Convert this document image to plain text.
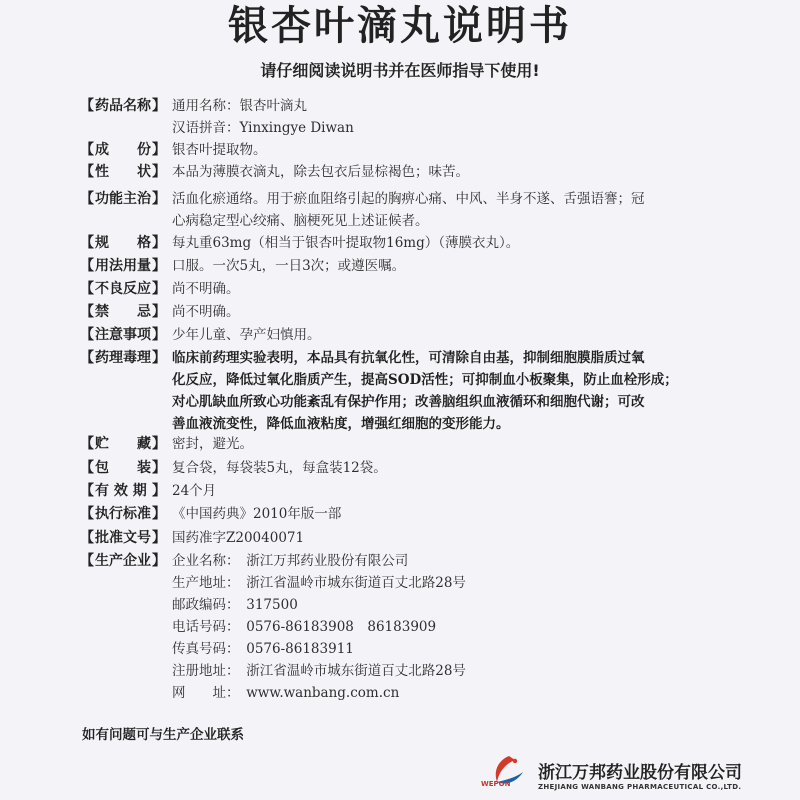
银杏叶滴丸说明书
请仔细阅读说明书并在医师指导下使用!
【 药品名称 】 通用名称：银杏叶滴丸
汉语拼音：Yinxingye Diwan
【 成　　份 】 银杏叶提取物。
【 性　　状 】 本品为薄膜衣滴丸，除去包衣后显棕褐色；味苦。
【 功能主治 】 活血化瘀通络。用于瘀血阻络引起的胸痹心痛、中风、半身不遂、舌强语謇；冠
心病稳定型心绞痛、脑梗死见上述证候者。
【 规　　格 】 每丸重63mg（相当于银杏叶提取物16mg）（薄膜衣丸）。
【 用法用量 】 口服。一次5丸，一日3次；或遵医嘱。
【 不良反应 】 尚不明确。
【 禁　　忌 】 尚不明确。
【 注意事项 】 少年儿童、孕产妇慎用。
【 药理毒理 】 临床前药理实验表明，本品具有抗氧化性，可清除自由基，抑制细胞膜脂质过氧
化反应，降低过氧化脂质产生，提高SOD活性；可抑制血小板聚集，防止血栓形成；
对心肌缺血所致心功能紊乱有保护作用；改善脑组织血液循环和细胞代谢；可改
善血液流变性，降低血液粘度，增强红细胞的变形能力。
【 贮　　藏 】 密封，避光。
【 包　　装 】 复合袋，每袋装5丸，每盒装12袋。
【 有 效 期 】 24个月
【 执行标准 】 《中国药典》2010年版一部
【 批准文号 】 国药准字Z20040071
【 生产企业 】 企业名称：　浙江万邦药业股份有限公司
生产地址：　浙江省温岭市城东街道百丈北路28号
邮政编码：　317500
电话号码：　0576-86183908　86183909
传真号码：　0576-86183911
注册地址：　浙江省温岭市城东街道百丈北路28号
网　　址：　www.wanbang.com.cn
如有问题可与生产企业联系
WEPON
浙江万邦药业股份有限公司
ZHEJIANG WANBANG PHARMACEUTICAL CO.,LTD.
